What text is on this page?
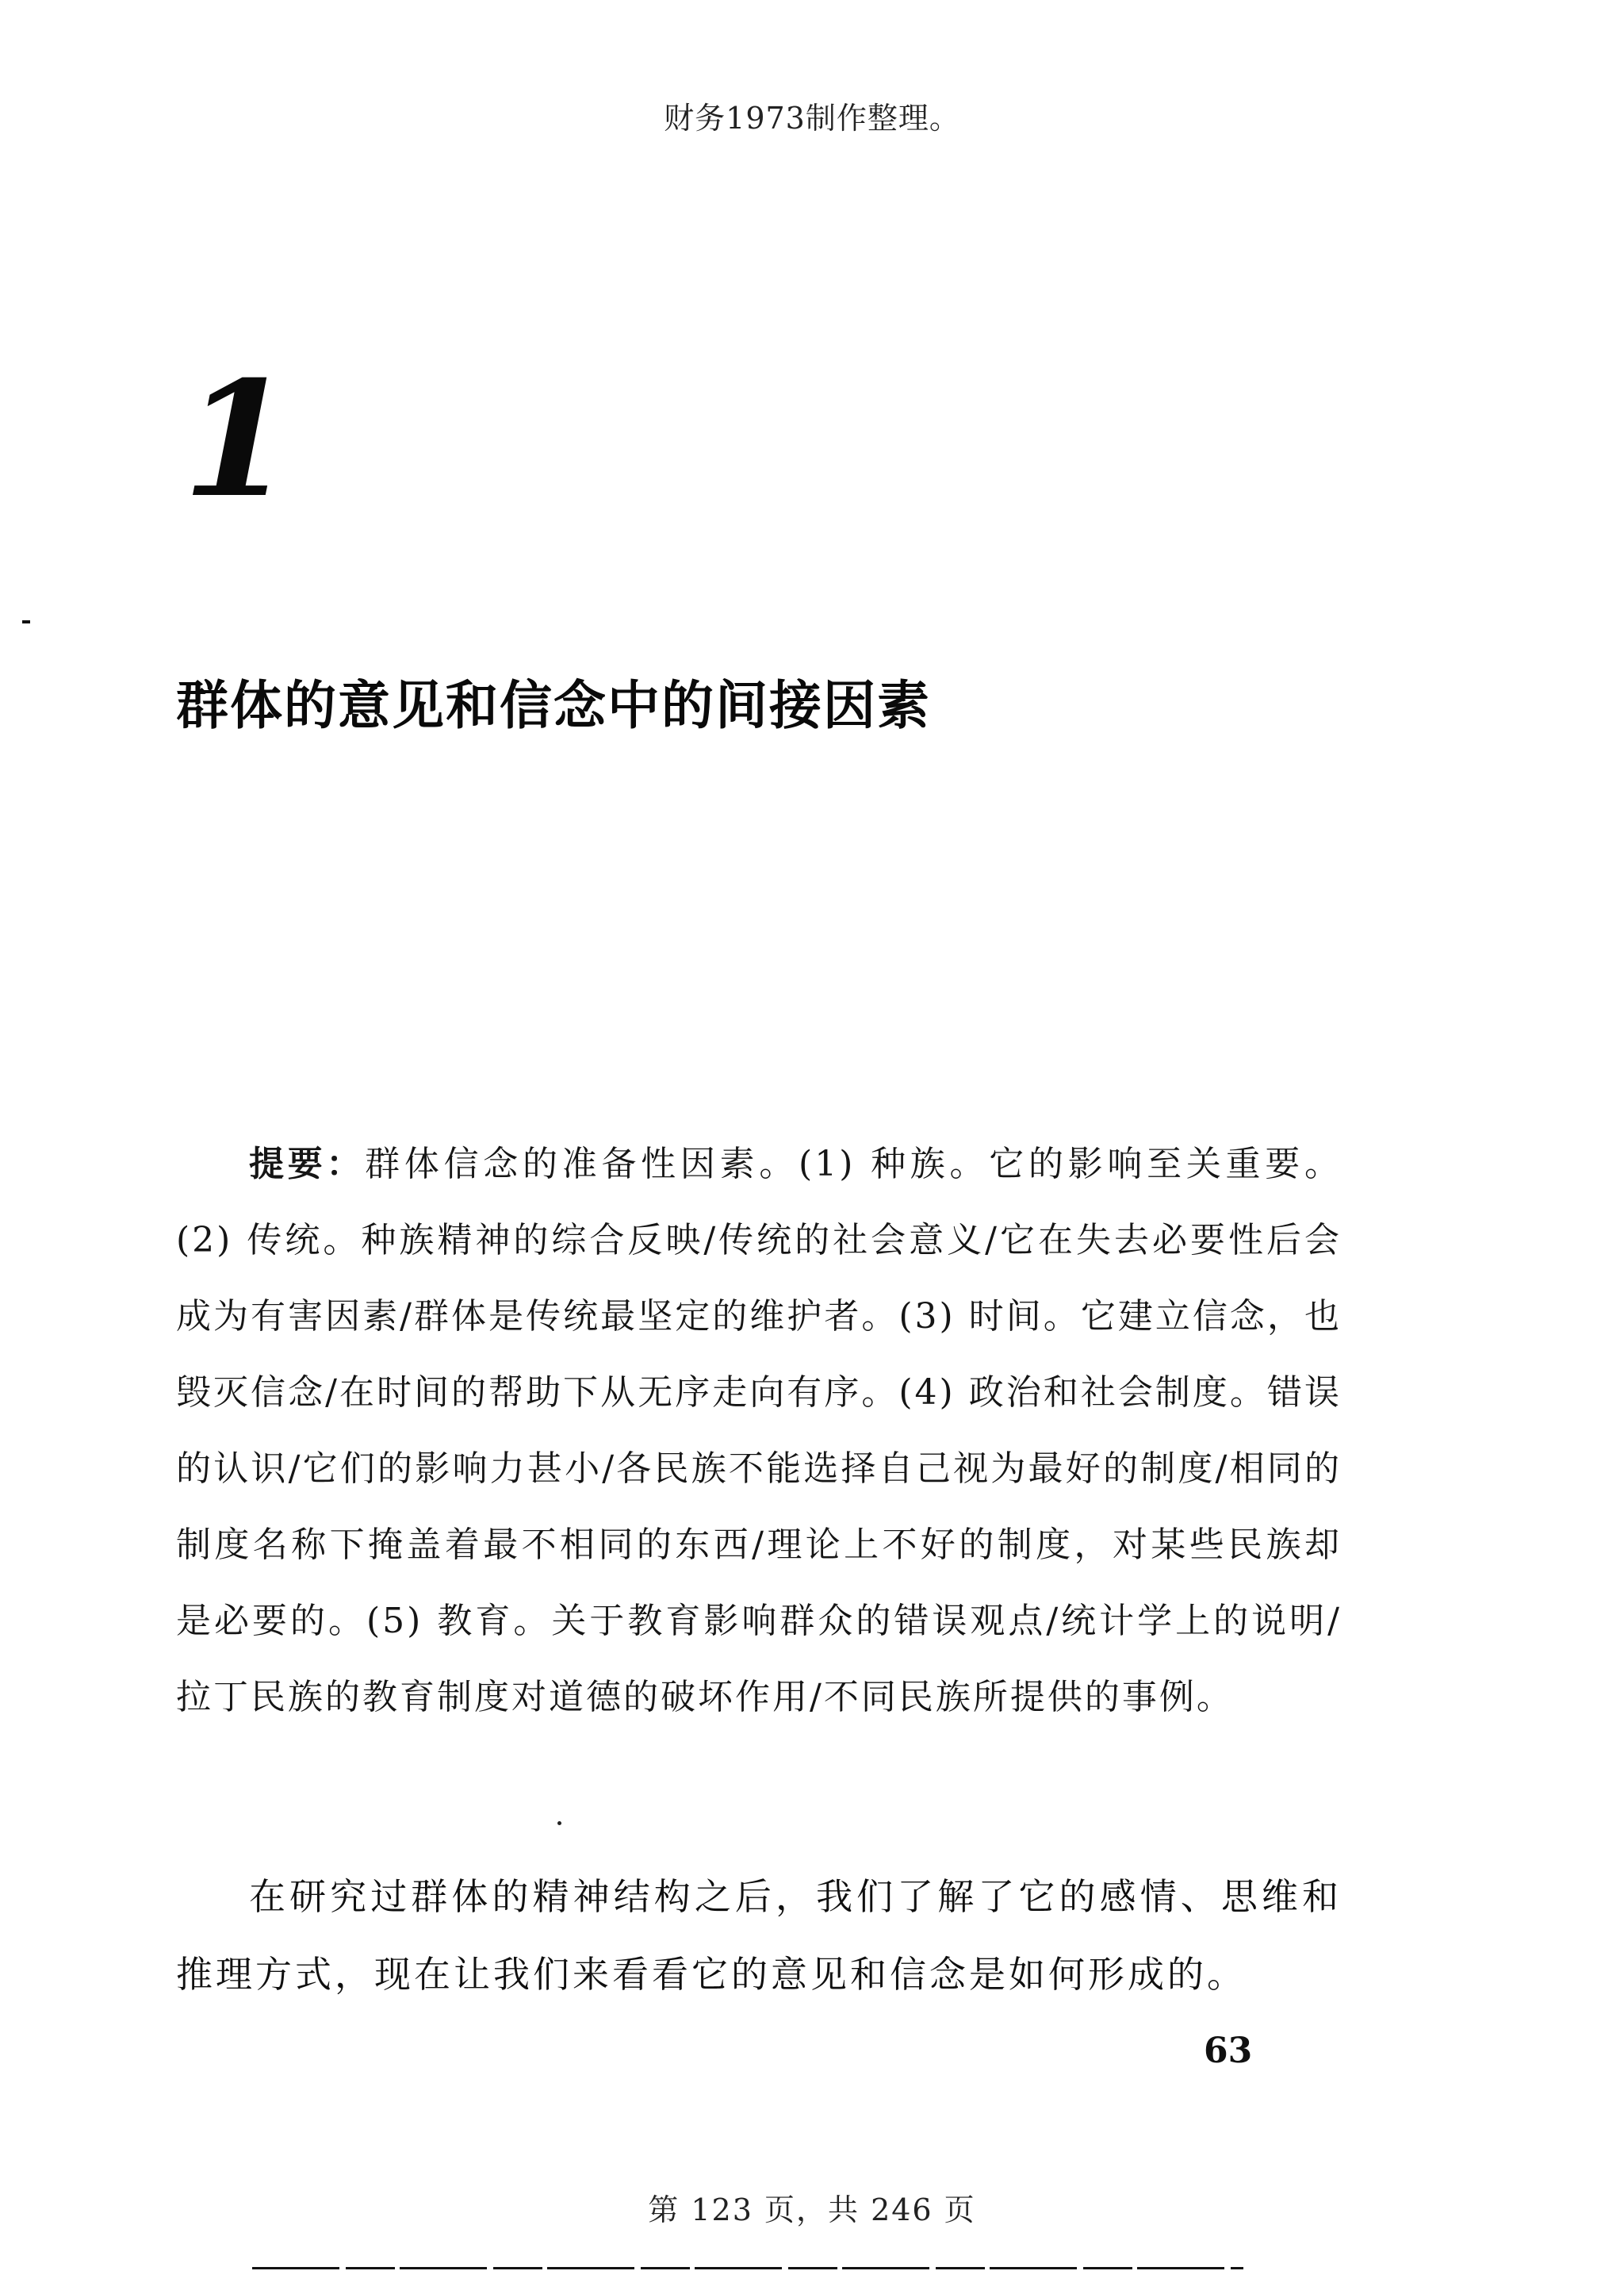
财务1973制作整理。
1
群体的意见和信念中的间接因素

提要：群体信念的准备性因素。(1) 种族。它的影响至关重要。(2) 传统。种族精神的综合反映/传统的社会意义/它在失去必要性后会成为有害因素/群体是传统最坚定的维护者。(3) 时间。它建立信念，也毁灭信念/在时间的帮助下从无序走向有序。(4) 政治和社会制度。错误的认识/它们的影响力甚小/各民族不能选择自己视为最好的制度/相同的制度名称下掩盖着最不相同的东西/理论上不好的制度，对某些民族却是必要的。(5) 教育。关于教育影响群众的错误观点/统计学上的说明/拉丁民族的教育制度对道德的破坏作用/不同民族所提供的事例。

在研究过群体的精神结构之后，我们了解了它的感情、思维和推理方式，现在让我们来看看它的意见和信念是如何形成的。

63
第 123 页，共 246 页
